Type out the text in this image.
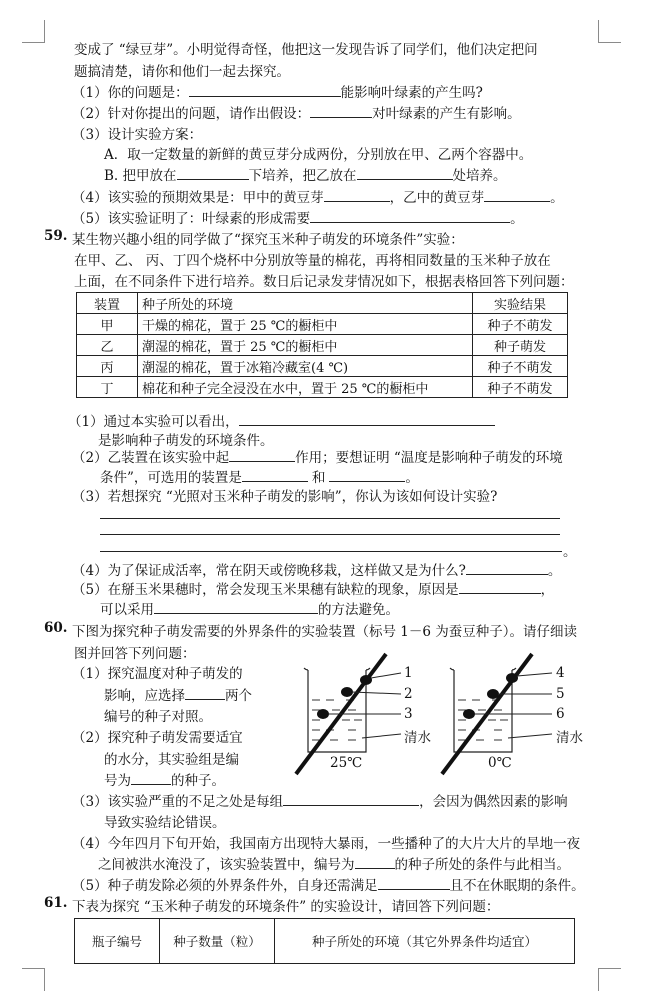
变成了 “绿豆芽”。小明觉得奇怪，他把这一发现告诉了同学们，他们决定把问
题搞清楚，请你和他们一起去探究。
（1）你的问题是：	能影响叶绿素的产生吗?
（2）针对你提出的问题，请作出假设：	对叶绿素的产生有影响。
（3）设计实验方案：
A．取一定数量的新鲜的黄豆芽分成两份，分别放在甲、乙两个容器中。
B. 把甲放在	下培养，把乙放在	处培养。
（4）该实验的预期效果是：甲中的黄豆芽	，乙中的黄豆芽	。
（5）该实验证明了：叶绿素的形成需要	。
59. 某生物兴趣小组的同学做了“探究玉米种子萌发的环境条件”实验：
在甲、乙、 丙、丁四个烧杯中分别放等量的棉花，再将相同数量的玉米种子放在
上面，在不同条件下进行培养。数日后记录发芽情况如下，根据表格回答下列问题：
装置	种子所处的环境	实验结果
甲	干燥的棉花，置于 25 ℃的橱柜中	种子不萌发
乙	潮湿的棉花，置于 25 ℃的橱柜中	种子萌发
丙	潮湿的棉花，置于冰箱冷藏室(4 ℃)	种子不萌发
丁	棉花和种子完全浸没在水中，置于 25 ℃的橱柜中	种子不萌发
（1）通过本实验可以看出，
是影响种子萌发的环境条件。
（2）乙装置在该实验中起	作用；要想证明 “温度是影响种子萌发的环境
条件”，可选用的装置是	和	。
（3）若想探究 “光照对玉米种子萌发的影响”，你认为该如何设计实验?
。
（4）为了保证成活率，常在阴天或傍晚移栽，这样做又是为什么?	。
（5）在掰玉米果穗时，常会发现玉米果穗有缺粒的现象，原因是	，
可以采用	的方法避免。
60. 下图为探究种子萌发需要的外界条件的实验装置（标号 1－6 为蚕豆种子）。请仔细读
图并回答下列问题：
（1）探究温度对种子萌发的
影响，应选择	两个
编号的种子对照。
（2）探究种子萌发需要适宜
的水分，其实验组是编
号为	的种子。
1
2
3
清水
4
5
6
清水
25℃	0℃
（3）该实验严重的不足之处是每组	，会因为偶然因素的影响
导致实验结论错误。
（4）今年四月下旬开始，我国南方出现特大暴雨，一些播种了的大片大片的旱地一夜
之间被洪水淹没了，该实验装置中，编号为	的种子所处的条件与此相当。
（5）种子萌发除必须的外界条件外，自身还需满足	且不在休眠期的条件。
61. 下表为探究 “玉米种子萌发的环境条件” 的实验设计，请回答下列问题：
瓶子编号	种子数量（粒）	种子所处的环境（其它外界条件均适宜）
